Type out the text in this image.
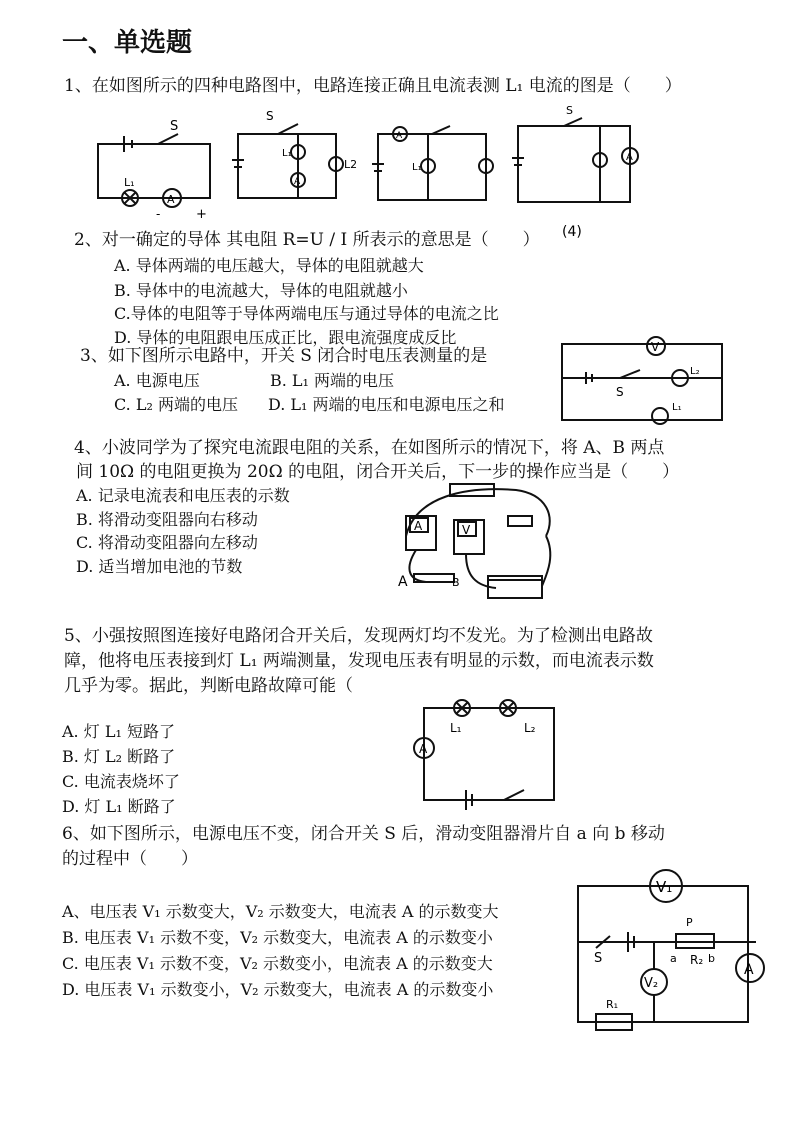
一、单选题
1、在如图所示的四种电路图中，电路连接正确且电流表测 L₁ 电流的图是（　　）
S
L₁
A
-	+
S
L₁
A
L2
A
L₁
S
A
(4)
2、对一确定的导体 其电阻 R=U / I 所表示的意思是（　　）
A. 导体两端的电压越大，导体的电阻就越大
B. 导体中的电流越大，导体的电阻就越小
C.导体的电阻等于导体两端电压与通过导体的电流之比
D. 导体的电阻跟电压成正比，跟电流强度成反比
3、如下图所示电路中，开关 S 闭合时电压表测量的是
A. 电源电压	B. L₁ 两端的电压
C. L₂ 两端的电压 D. L₁ 两端的电压和电源电压之和
V
S
L₂
L₁
4、小波同学为了探究电流跟电阻的关系，在如图所示的情况下，将 A、B 两点
间 10Ω 的电阻更换为 20Ω 的电阻，闭合开关后，下一步的操作应当是（　　）
A. 记录电流表和电压表的示数
B. 将滑动变阻器向右移动
C. 将滑动变阻器向左移动
D. 适当增加电池的节数
A	V
A	B
5、小强按照图连接好电路闭合开关后，发现两灯均不发光。为了检测出电路故
障，他将电压表接到灯 L₁ 两端测量，发现电压表有明显的示数，而电流表示数
几乎为零。据此，判断电路故障可能（
A. 灯 L₁ 短路了
B. 灯 L₂ 断路了
C. 电流表烧坏了
D. 灯 L₁ 断路了
L₁	L₂
A
6、如下图所示，电源电压不变，闭合开关 S 后，滑动变阻器滑片自 a 向 b 移动
的过程中（　　）
A、电压表 V₁ 示数变大，V₂ 示数变大，电流表 A 的示数变大
B. 电压表 V₁ 示数不变，V₂ 示数变大，电流表 A 的示数变小
C. 电压表 V₁ 示数不变，V₂ 示数变小，电流表 A 的示数变大
D. 电压表 V₁ 示数变小，V₂ 示数变大，电流表 A 的示数变小
V₁
S
P
a	b
R₂
V₂
A
R₁
